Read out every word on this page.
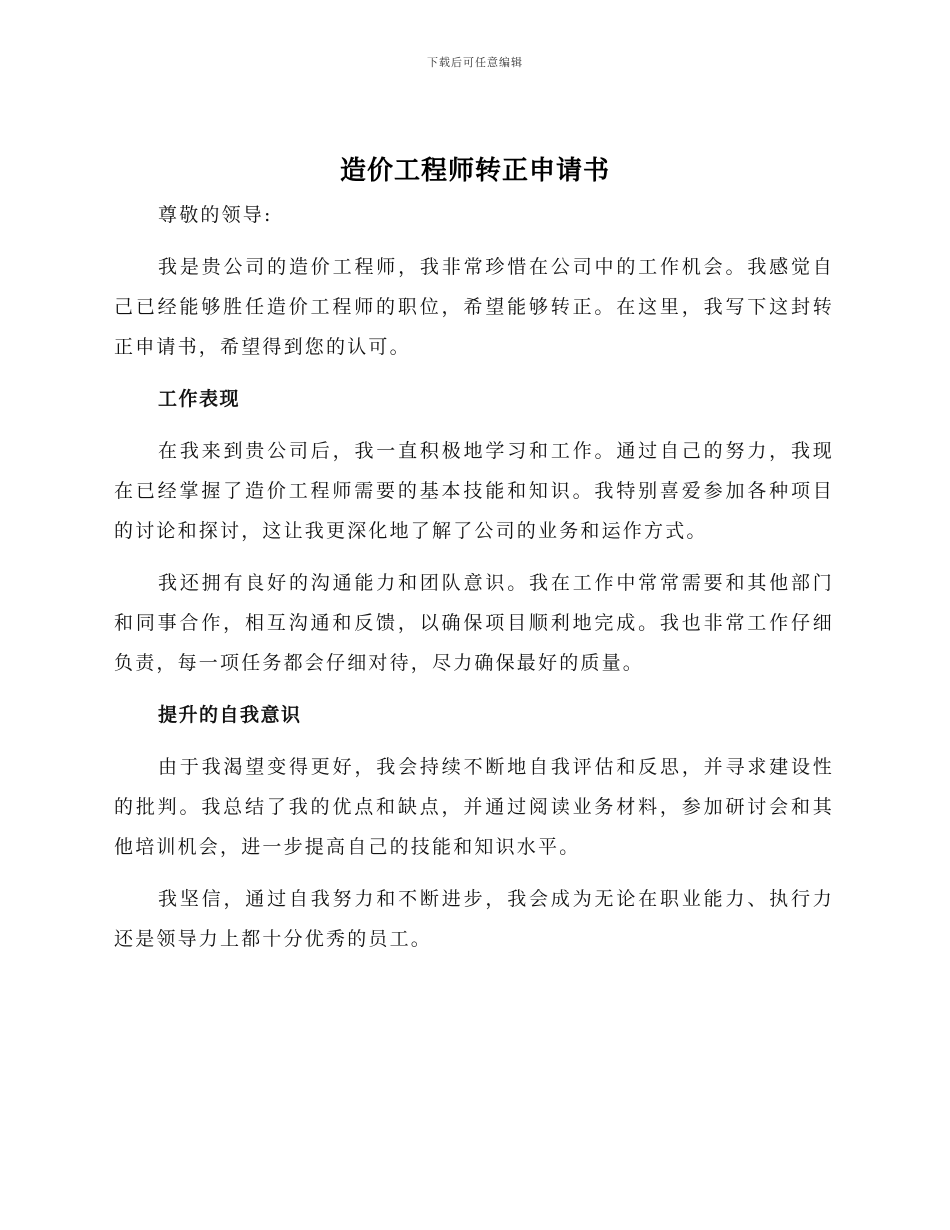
下载后可任意编辑
造价工程师转正申请书

尊敬的领导:

我是贵公司的造价工程师，我非常珍惜在公司中的工作机会。我感觉自己已经能够胜任造价工程师的职位，希望能够转正。在这里，我写下这封转正申请书，希望得到您的认可。

工作表现

在我来到贵公司后，我一直积极地学习和工作。通过自己的努力，我现在已经掌握了造价工程师需要的基本技能和知识。我特别喜爱参加各种项目的讨论和探讨，这让我更深化地了解了公司的业务和运作方式。

我还拥有良好的沟通能力和团队意识。我在工作中常常需要和其他部门和同事合作，相互沟通和反馈，以确保项目顺利地完成。我也非常工作仔细负责，每一项任务都会仔细对待，尽力确保最好的质量。

提升的自我意识

由于我渴望变得更好，我会持续不断地自我评估和反思，并寻求建设性的批判。我总结了我的优点和缺点，并通过阅读业务材料，参加研讨会和其他培训机会，进一步提高自己的技能和知识水平。

我坚信，通过自我努力和不断进步，我会成为无论在职业能力、执行力还是领导力上都十分优秀的员工。
